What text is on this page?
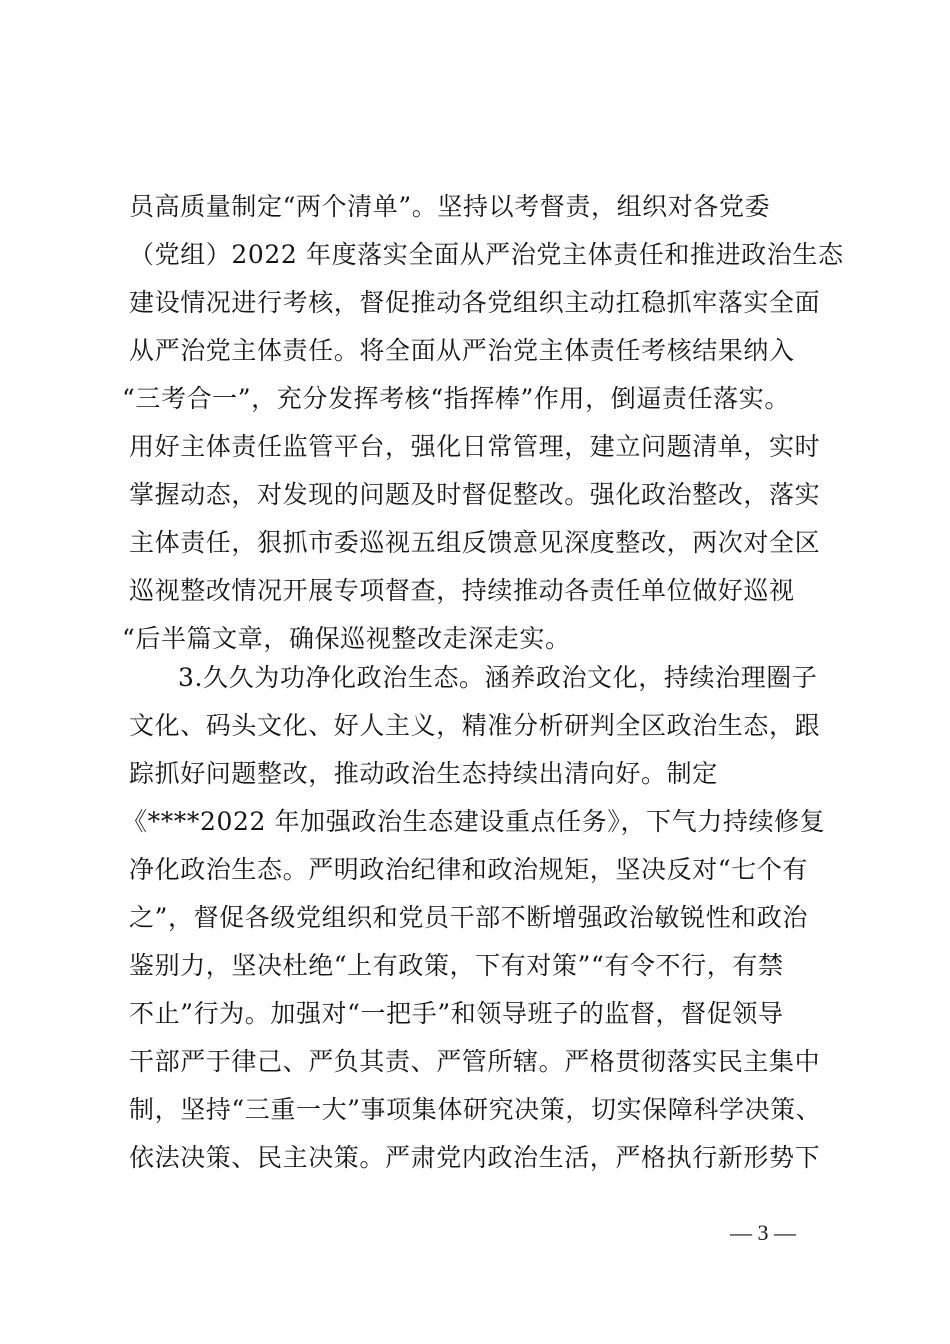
员高质量制定“两个清单”。坚持以考督责，组织对各党委
（党组）2022 年度落实全面从严治党主体责任和推进政治生态
建设情况进行考核，督促推动各党组织主动扛稳抓牢落实全面
从严治党主体责任。将全面从严治党主体责任考核结果纳入
“三考合一”，充分发挥考核“指挥棒”作用，倒逼责任落实。
用好主体责任监管平台，强化日常管理，建立问题清单，实时
掌握动态，对发现的问题及时督促整改。强化政治整改，落实
主体责任，狠抓市委巡视五组反馈意见深度整改，两次对全区
巡视整改情况开展专项督查，持续推动各责任单位做好巡视
“后半篇文章，确保巡视整改走深走实。
3.久久为功净化政治生态。涵养政治文化，持续治理圈子
文化、码头文化、好人主义，精准分析研判全区政治生态，跟
踪抓好问题整改，推动政治生态持续出清向好。制定
《****2022 年加强政治生态建设重点任务》，下气力持续修复
净化政治生态。严明政治纪律和政治规矩，坚决反对“七个有
之”，督促各级党组织和党员干部不断增强政治敏锐性和政治
鉴别力，坚决杜绝“上有政策，下有对策”“有令不行，有禁
不止”行为。加强对“一把手”和领导班子的监督，督促领导
干部严于律己、严负其责、严管所辖。严格贯彻落实民主集中
制，坚持“三重一大”事项集体研究决策，切实保障科学决策、
依法决策、民主决策。严肃党内政治生活，严格执行新形势下
— 3 —
